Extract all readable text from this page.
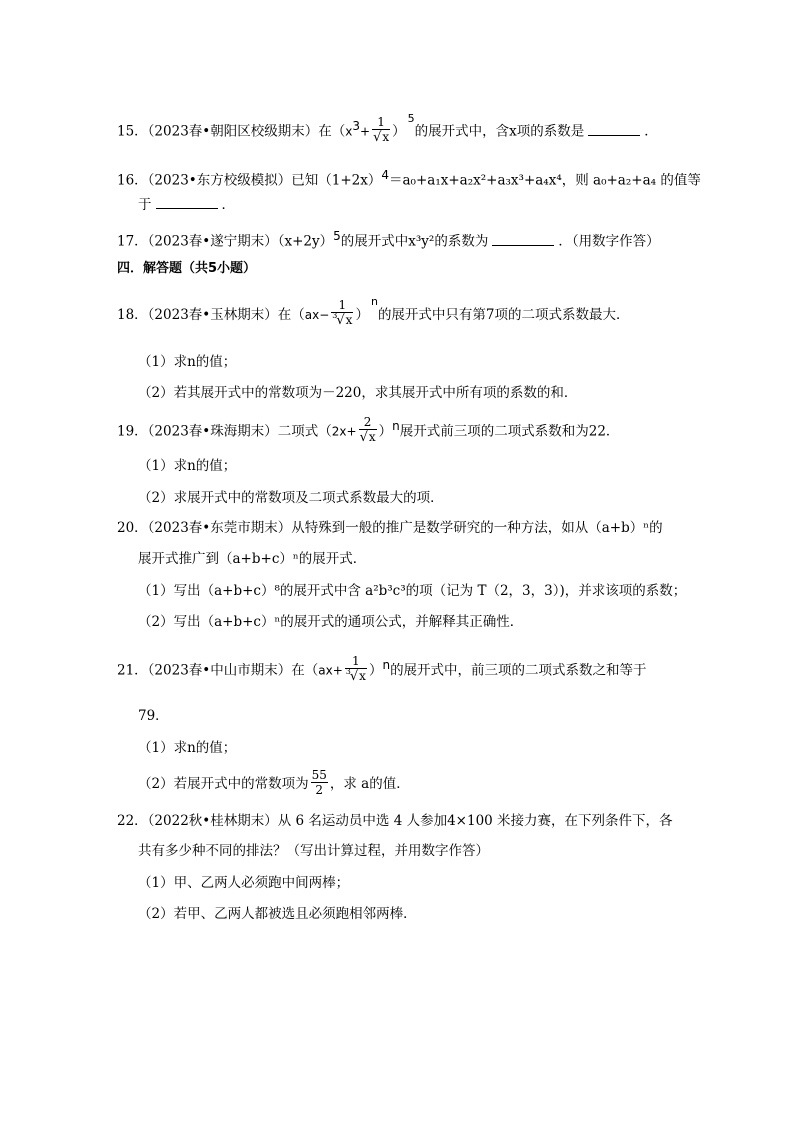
15．（2023春•朝阳区校级期末）在$(x^3+ \frac{1}{√x} )^5$的展开式中，含x项的系数是	．
16．（2023•东方校级模拟）已知$(1+2x)^4=a_0+a_1x+a_2x^2+a_3x^3+a_4x^4$，则 a₀+a₂+a₄ 的值等
于	．
17．（2023春•遂宁期末）$(x+2y)^5$的展开式中x³y²的系数为	．（用数字作答）
四．解答题（共5小题）
18．（2023春•玉林期末）在$(ax- \frac{1}{^3√x} )^n$的展开式中只有第7项的二项式系数最大．
（1）求n的值；
（2）若其展开式中的常数项为－220，求其展开式中所有项的系数的和．
19．（2023春•珠海期末）二项式$(2x+ \frac{2}{√x} )^n$展开式前三项的二项式系数和为22．
（1）求n的值；
（2）求展开式中的常数项及二项式系数最大的项．
20．（2023春•东莞市期末）从特殊到一般的推广是数学研究的一种方法，如从（a+b）ⁿ的
展开式推广到（a+b+c）ⁿ的展开式．
（1）写出（a+b+c）⁸的展开式中含 a²b³c³的项（记为 T（2，3，3）)，并求该项的系数；
（2）写出（a+b+c）ⁿ的展开式的通项公式，并解释其正确性．
21．（2023春•中山市期末）在$(ax+ \frac{1}{^3√x} )^n$的展开式中，前三项的二项式系数之和等于
79．
（1）求n的值；
（2）若展开式中的常数项为 $\frac{55}{2}$ ，求 a的值．
22．（2022秋•桂林期末）从 6 名运动员中选 4 人参加4×100 米接力赛，在下列条件下，各
共有多少种不同的排法？（写出计算过程，并用数字作答）
（1）甲、乙两人必须跑中间两棒；
（2）若甲、乙两人都被选且必须跑相邻两棒．
